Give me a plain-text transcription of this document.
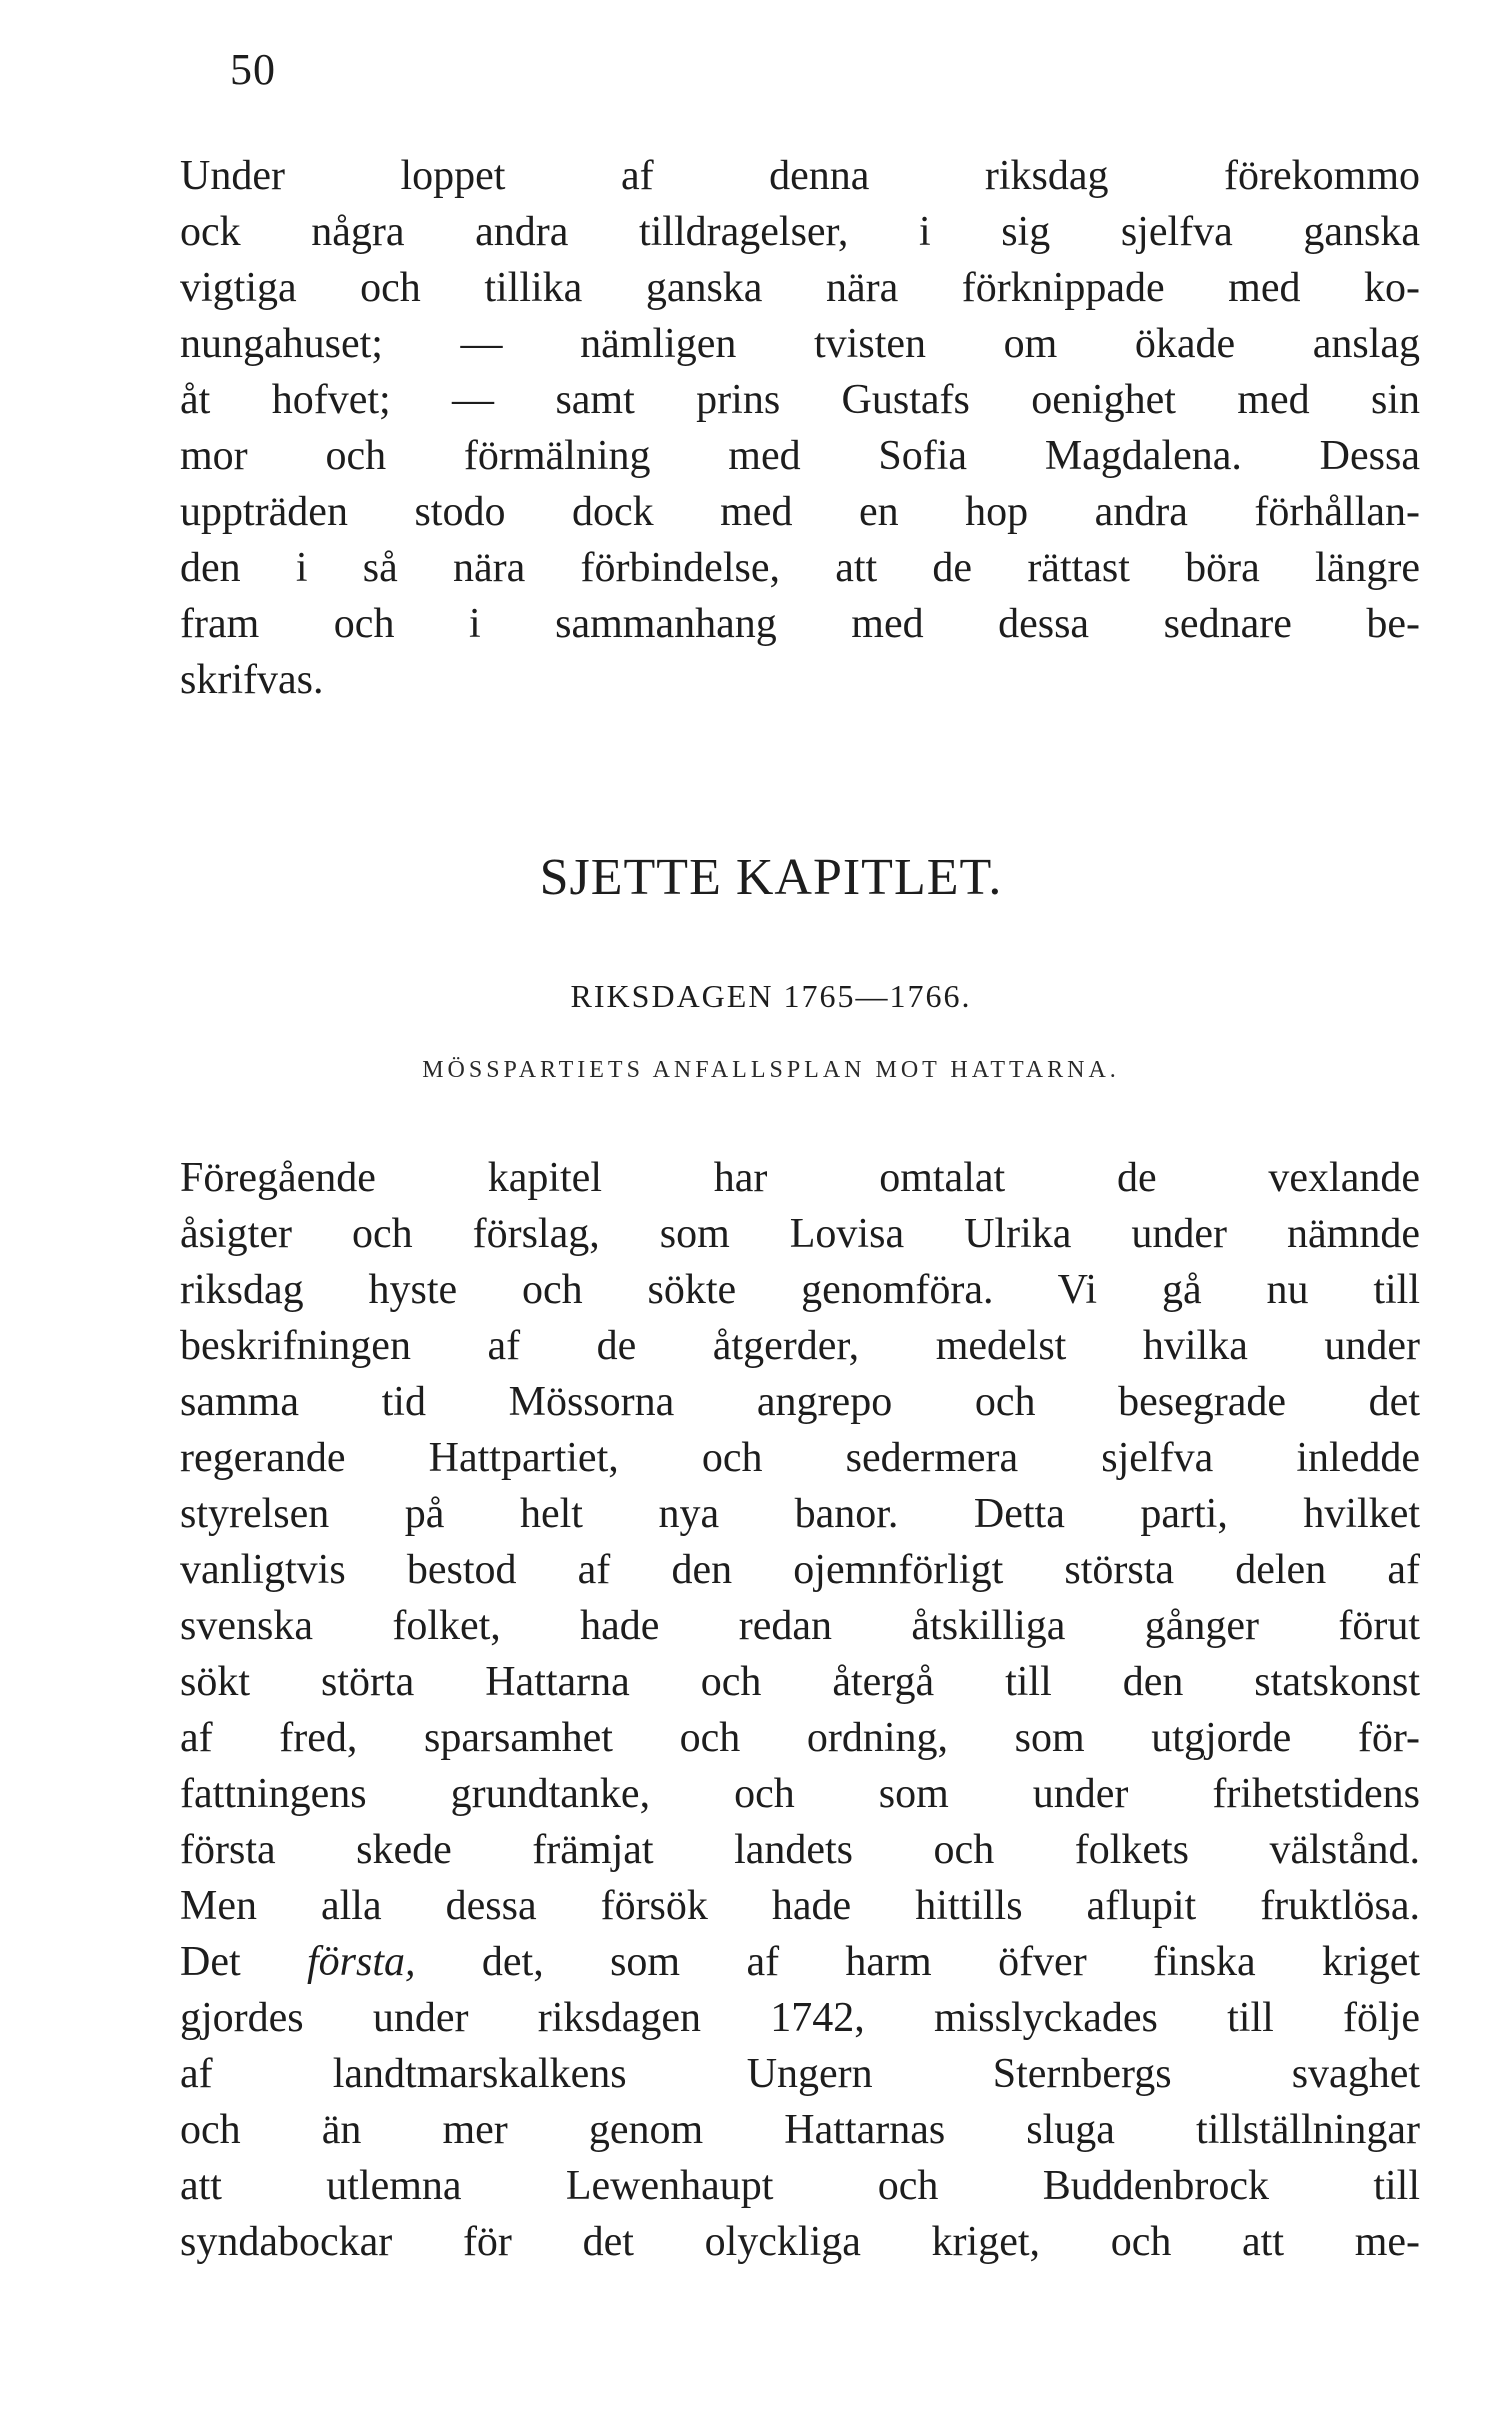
50
Under loppet af denna riksdag förekommo
ock några andra tilldragelser, i sig sjelfva ganska
vigtiga och tillika ganska nära förknippade med ko-
nungahuset; — nämligen tvisten om ökade anslag
åt hofvet; — samt prins Gustafs oenighet med sin
mor och förmälning med Sofia Magdalena. Dessa
uppträden stodo dock med en hop andra förhållan-
den i så nära förbindelse, att de rättast böra längre
fram och i sammanhang med dessa sednare be-
skrifvas.
SJETTE KAPITLET.
RIKSDAGEN 1765—1766.
MÖSSPARTIETS ANFALLSPLAN MOT HATTARNA.
Föregående kapitel har omtalat de vexlande
åsigter och förslag, som Lovisa Ulrika under nämnde
riksdag hyste och sökte genomföra. Vi gå nu till
beskrifningen af de åtgerder, medelst hvilka under
samma tid Mössorna angrepo och besegrade det
regerande Hattpartiet, och sedermera sjelfva inledde
styrelsen på helt nya banor. Detta parti, hvilket
vanligtvis bestod af den ojemnförligt största delen af
svenska folket, hade redan åtskilliga gånger förut
sökt störta Hattarna och återgå till den statskonst
af fred, sparsamhet och ordning, som utgjorde för-
fattningens grundtanke, och som under frihetstidens
första skede främjat landets och folkets välstånd.
Men alla dessa försök hade hittills aflupit fruktlösa.
Det första, det, som af harm öfver finska kriget
gjordes under riksdagen 1742, misslyckades till följe
af landtmarskalkens Ungern Sternbergs svaghet
och än mer genom Hattarnas sluga tillställningar
att utlemna Lewenhaupt och Buddenbrock till
syndabockar för det olyckliga kriget, och att me-
